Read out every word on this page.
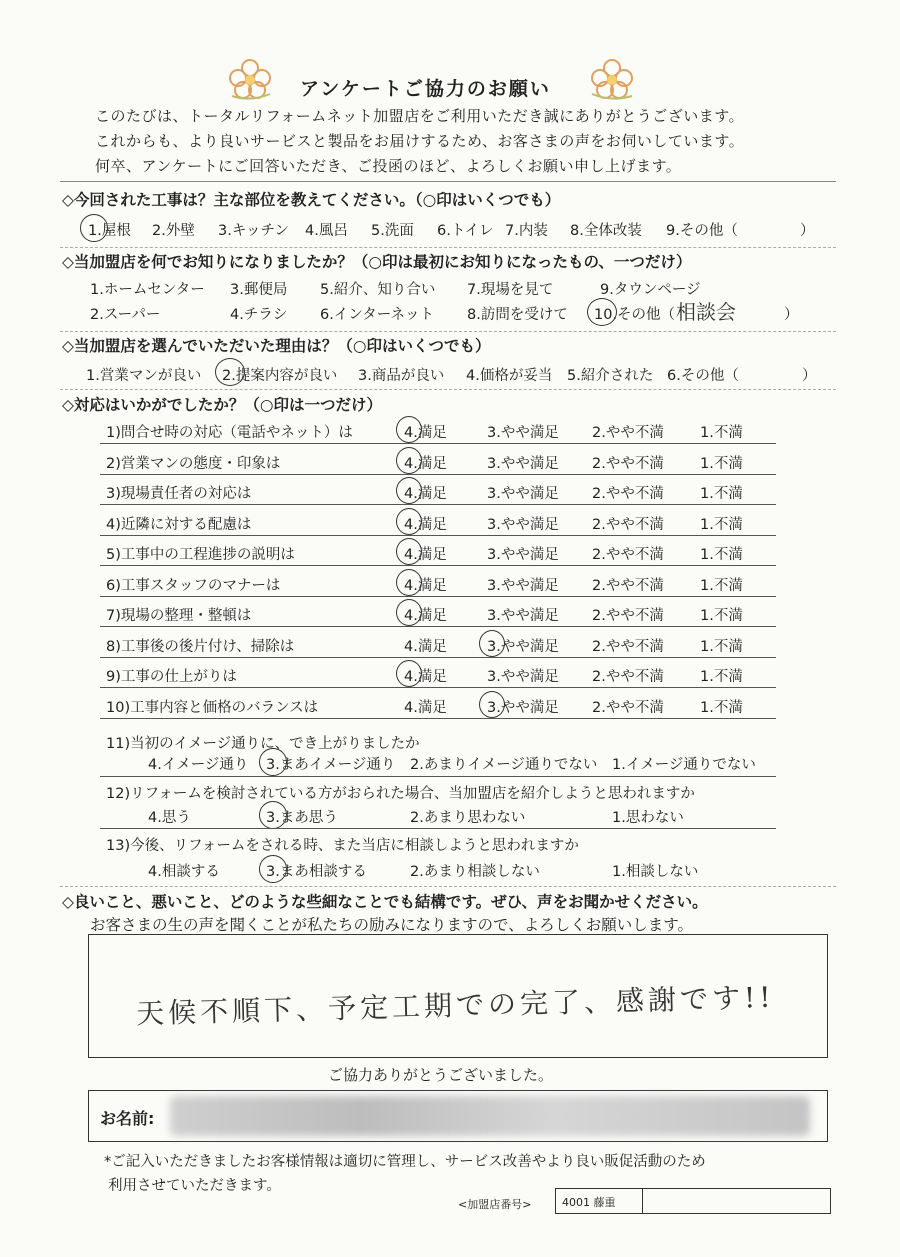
アンケートご協力のお願い
このたびは、トータルリフォームネット加盟店をご利用いただき誠にありがとうございます。
これからも、より良いサービスと製品をお届けするため、お客さまの声をお伺いしています。
何卒、アンケートにご回答いただき、ご投函のほど、よろしくお願い申し上げます。
◇今回された工事は？主な部位を教えてください。（○印はいくつでも）
1.屋根 2.外壁 3.キッチン 4.風呂 5.洗面 6.トイレ 7.内装 8.全体改装 9.その他（	）
◇当加盟店を何でお知りになりましたか？（○印は最初にお知りになったもの、一つだけ）
1.ホームセンター 3.郵便局 5.紹介、知り合い 7.現場を見て	9.タウンページ
2.スーパー	4.チラシ 6.インターネット 8.訪問を受けて 10.その他（ 相談会	）
◇当加盟店を選んでいただいた理由は？（○印はいくつでも）
1.営業マンが良い 2.提案内容が良い 3.商品が良い 4.価格が妥当 5.紹介された 6.その他（	）
◇対応はいかがでしたか？（○印は一つだけ）
1)問合せ時の対応（電話やネット）は	4.満足	3.やや満足 2.やや不満 1.不満
2)営業マンの態度・印象は	4.満足	3.やや満足 2.やや不満 1.不満
3)現場責任者の対応は	4.満足	3.やや満足 2.やや不満 1.不満
4)近隣に対する配慮は	4.満足	3.やや満足 2.やや不満 1.不満
5)工事中の工程進捗の説明は	4.満足	3.やや満足 2.やや不満 1.不満
6)工事スタッフのマナーは	4.満足	3.やや満足 2.やや不満 1.不満
7)現場の整理・整頓は	4.満足	3.やや満足 2.やや不満 1.不満
8)工事後の後片付け、掃除は	4.満足	3.やや満足 2.やや不満 1.不満
9)工事の仕上がりは	4.満足	3.やや満足 2.やや不満 1.不満
10)工事内容と価格のバランスは	4.満足	3.やや満足 2.やや不満 1.不満
11)当初のイメージ通りに、でき上がりましたか
4.イメージ通り 3.まあイメージ通り 2.あまりイメージ通りでない 1.イメージ通りでない
12)リフォームを検討されている方がおられた場合、当加盟店を紹介しようと思われますか
4.思う	3.まあ思う	2.あまり思わない	1.思わない
13)今後、リフォームをされる時、また当店に相談しようと思われますか
4.相談する	3.まあ相談する	2.あまり相談しない	1.相談しない
◇良いこと、悪いこと、どのような些細なことでも結構です。ぜひ、声をお聞かせください。
お客さまの生の声を聞くことが私たちの励みになりますので、よろしくお願いします。
天候不順下、予定工期での完了、感謝です!!
ご協力ありがとうございました。
お名前:
*ご記入いただきましたお客様情報は適切に管理し、サービス改善やより良い販促活動のため
利用させていただきます。
<加盟店番号>	4001 藤重
